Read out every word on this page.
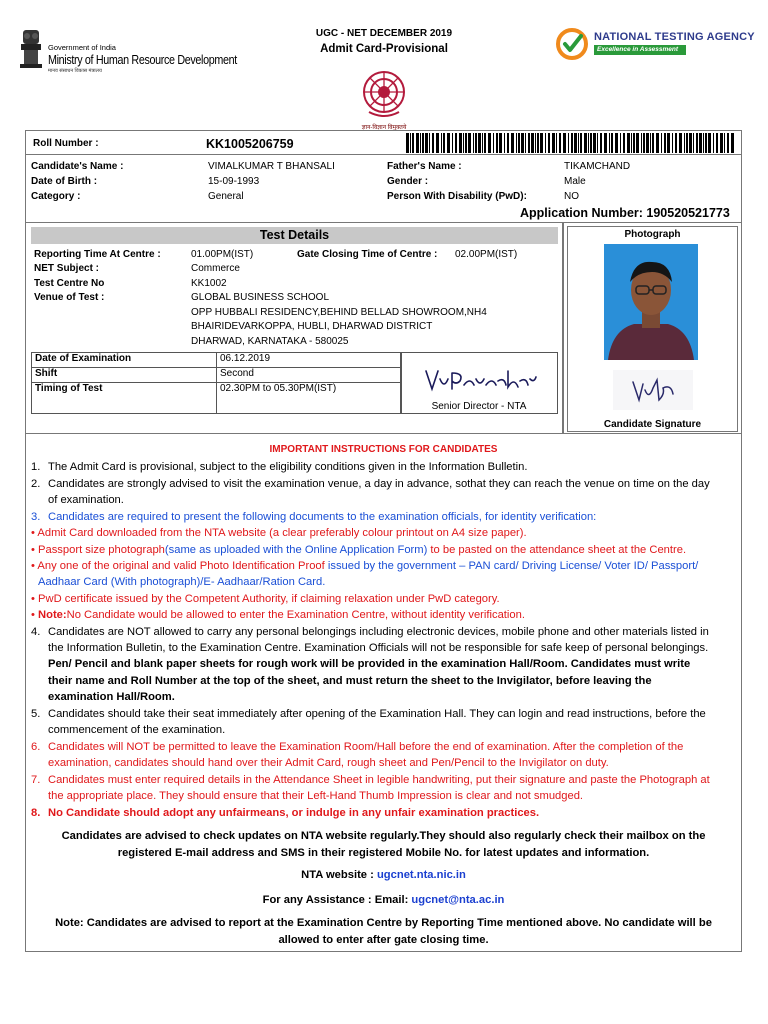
Government of India
Ministry of Human Resource Development
मानव संसाधन विकास मंत्रालय
UGC - NET DECEMBER 2019
Admit Card-Provisional
NATIONAL TESTING AGENCY
Excellence in Assessment
ज्ञान-विज्ञान विमुक्तये
Roll Number :	KK1005206759
Candidate's Name :	VIMALKUMAR T BHANSALI	Father's Name :	TIKAMCHAND
Date of Birth :	15-09-1993	Gender :	Male
Category :	General	Person With Disability (PwD):	NO
Application Number: 190520521773
Test Details
Reporting Time At Centre :	01.00PM(IST)	Gate Closing Time of Centre : 02.00PM(IST)
NET Subject :	Commerce
Test Centre No	KK1002
Venue of Test :	GLOBAL BUSINESS SCHOOL
OPP HUBBALI RESIDENCY,BEHIND BELLAD SHOWROOM,NH4
BHAIRIDEVARKOPPA, HUBLI, DHARWAD DISTRICT
DHARWAD, KARNATAKA - 580025
Date of Examination	06.12.2019
Shift	Second
Timing of Test	02.30PM to 05.30PM(IST)
Senior Director - NTA
Photograph
Candidate Signature
IMPORTANT INSTRUCTIONS FOR CANDIDATES
1. The Admit Card is provisional, subject to the eligibility conditions given in the Information Bulletin.
2. Candidates are strongly advised to visit the examination venue, a day in advance, sothat they can reach the venue on time on the day
of examination.
3. Candidates are required to present the following documents to the examination officials, for identity verification:
• Admit Card downloaded from the NTA website (a clear preferably colour printout on A4 size paper).
• Passport size photograph(same as uploaded with the Online Application Form) to be pasted on the attendance sheet at the Centre.
• Any one of the original and valid Photo Identification Proof issued by the government – PAN card/ Driving License/ Voter ID/ Passport/
Aadhaar Card (With photograph)/E- Aadhaar/Ration Card.
• PwD certificate issued by the Competent Authority, if claiming relaxation under PwD category.
• Note:No Candidate would be allowed to enter the Examination Centre, without identity verification.
4. Candidates are NOT allowed to carry any personal belongings including electronic devices, mobile phone and other materials listed in
the Information Bulletin, to the Examination Centre. Examination Officials will not be responsible for safe keep of personal belongings.
Pen/ Pencil and blank paper sheets for rough work will be provided in the examination Hall/Room. Candidates must write
their name and Roll Number at the top of the sheet, and must return the sheet to the Invigilator, before leaving the
examination Hall/Room.
5. Candidates should take their seat immediately after opening of the Examination Hall. They can login and read instructions, before the
commencement of the examination.
6. Candidates will NOT be permitted to leave the Examination Room/Hall before the end of examination. After the completion of the
examination, candidates should hand over their Admit Card, rough sheet and Pen/Pencil to the Invigilator on duty.
7. Candidates must enter required details in the Attendance Sheet in legible handwriting, put their signature and paste the Photograph at
the appropriate place. They should ensure that their Left-Hand Thumb Impression is clear and not smudged.
8. No Candidate should adopt any unfairmeans, or indulge in any unfair examination practices.
Candidates are advised to check updates on NTA website regularly.They should also regularly check their mailbox on the
registered E-mail address and SMS in their registered Mobile No. for latest updates and information.
NTA website : ugcnet.nta.nic.in
For any Assistance : Email: ugcnet@nta.ac.in
Note: Candidates are advised to report at the Examination Centre by Reporting Time mentioned above. No candidate will be
allowed to enter after gate closing time.
